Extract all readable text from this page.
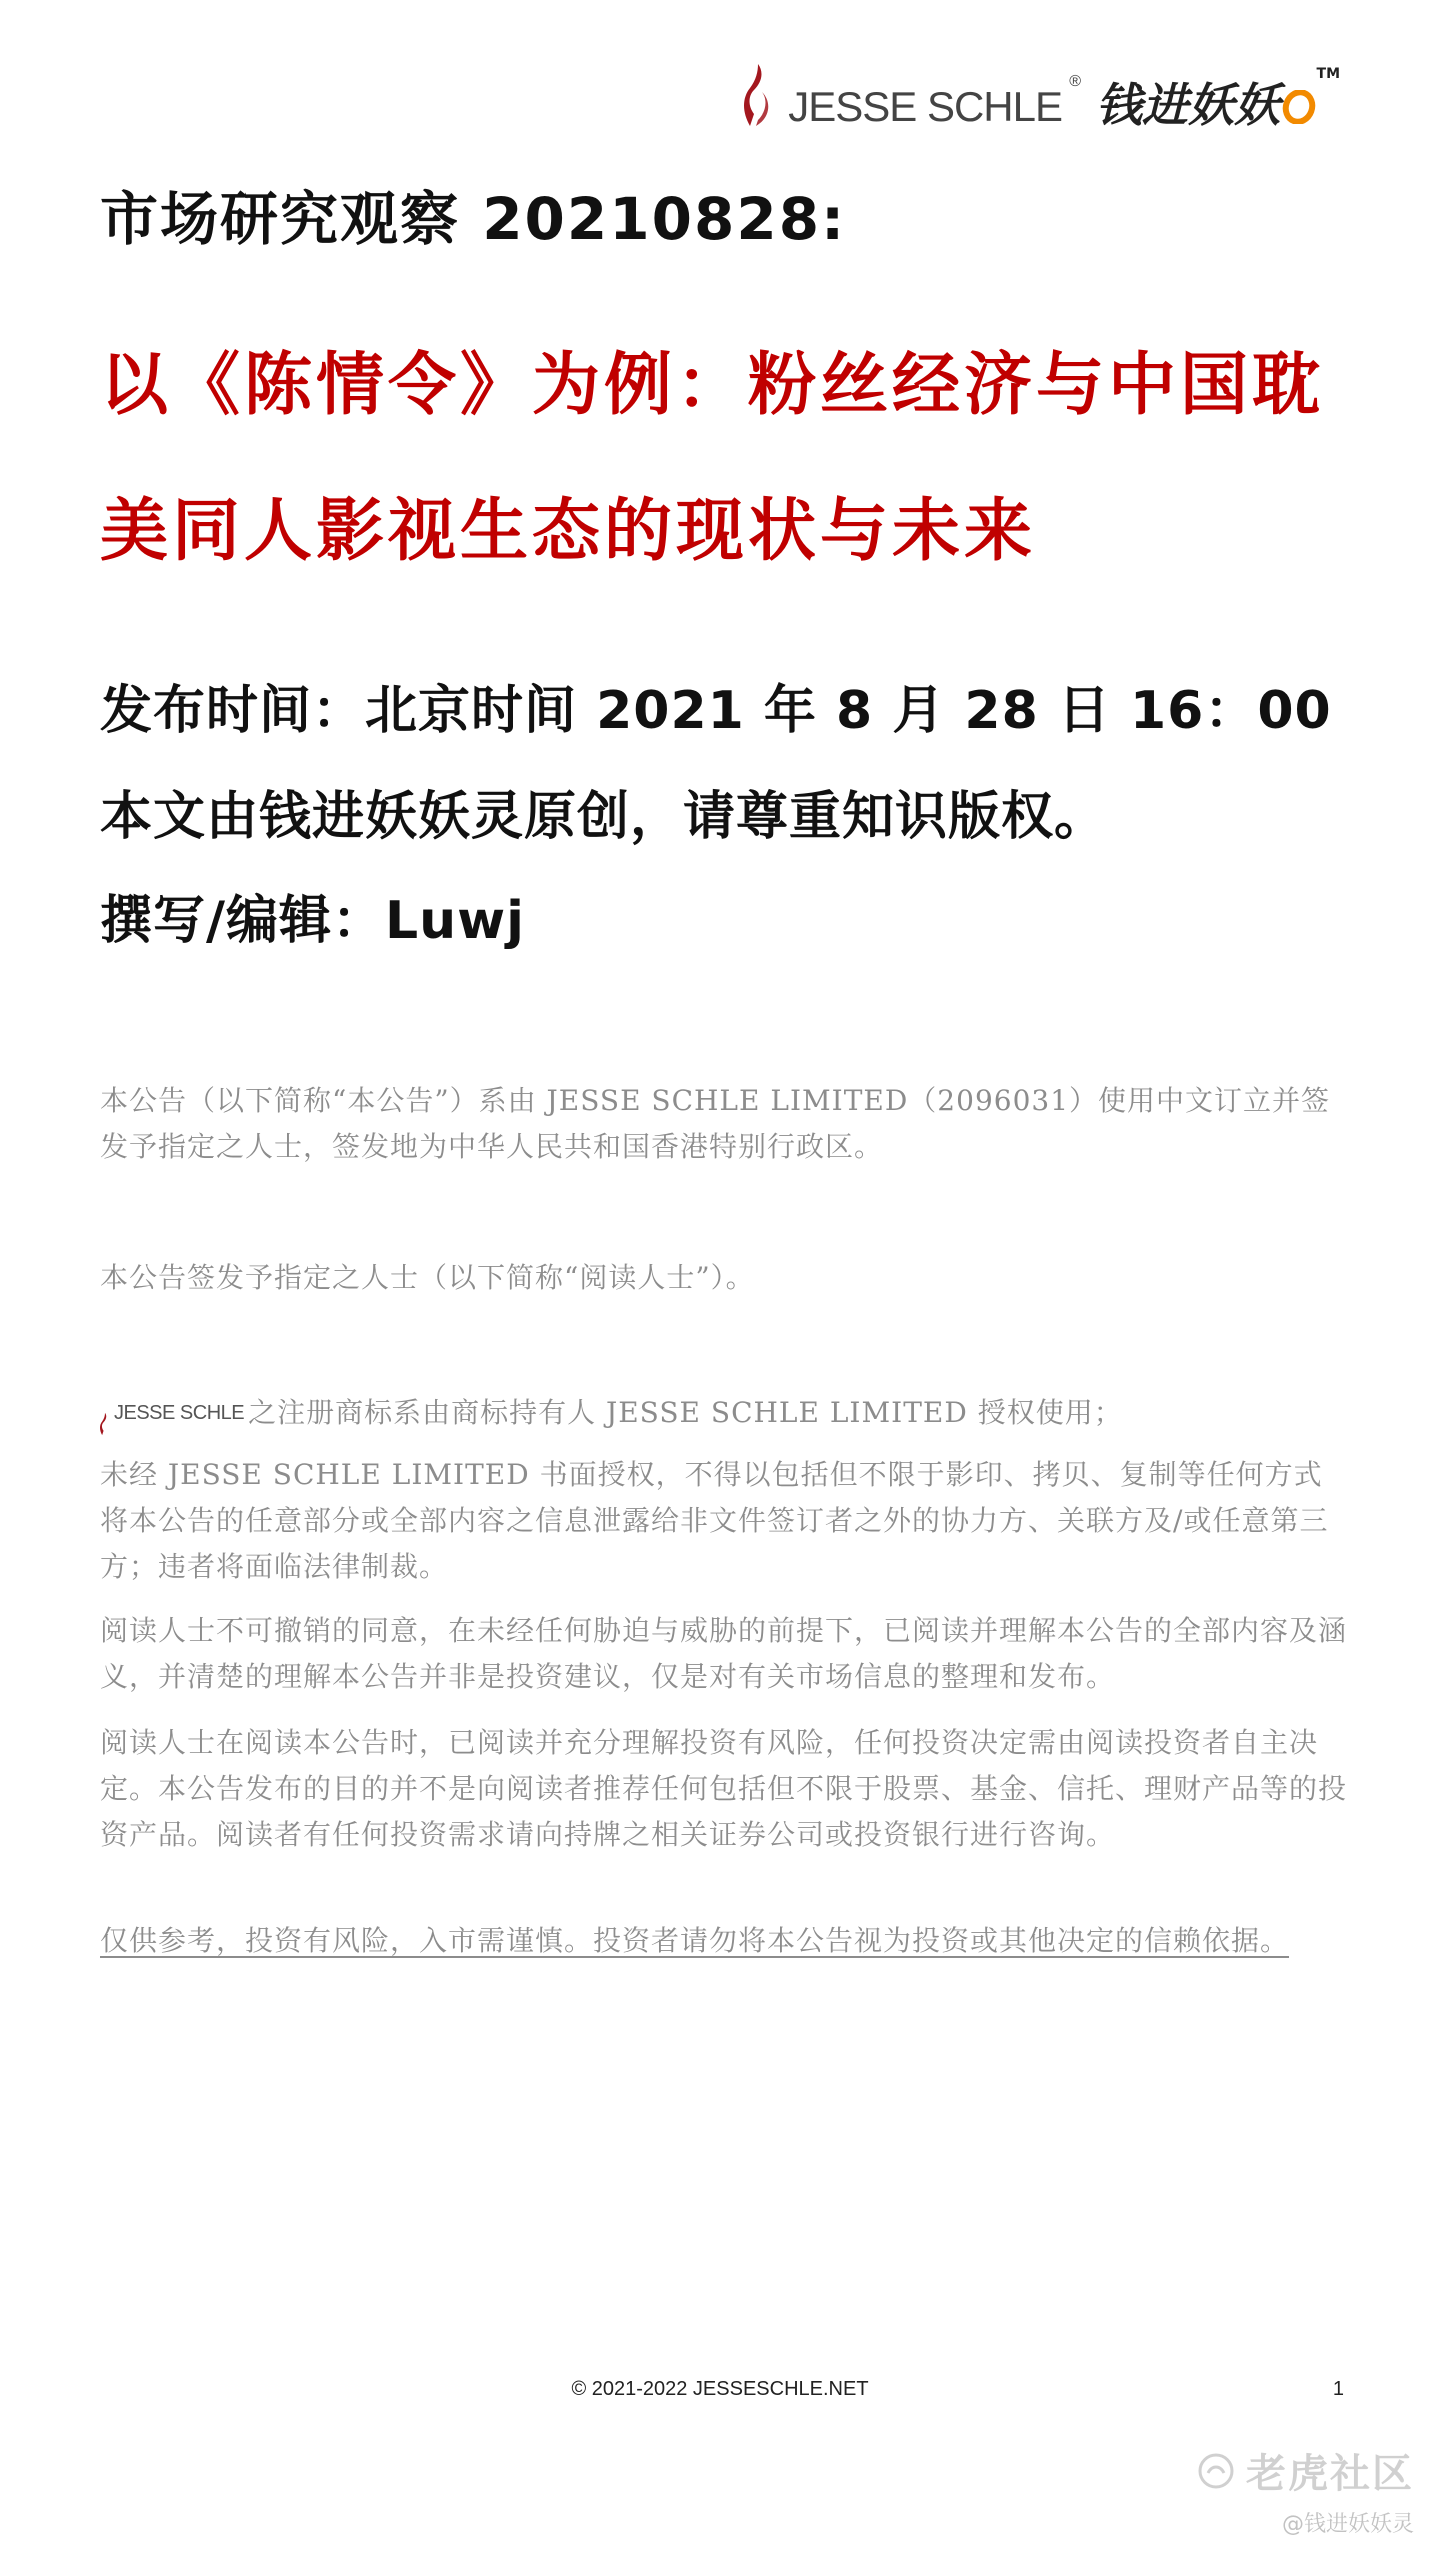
JESSE SCHLE
® 钱进妖妖
TM
市场研究观察 20210828:
以《陈情令》为例：粉丝经济与中国耽美同人影视生态的现状与未来

发布时间：北京时间 2021 年 8 月 28 日 16：00

本文由钱进妖妖灵原创，请尊重知识版权。

撰写/编辑：Luwj

本公告（以下简称“本公告”）系由 JESSE SCHLE LIMITED（2096031）使用中文订立并签发予指定之人士，签发地为中华人民共和国香港特别行政区。

本公告签发予指定之人士（以下简称“阅读人士”）。

JESSE SCHLE 之注册商标系由商标持有人 JESSE SCHLE LIMITED 授权使用；

未经 JESSE SCHLE LIMITED 书面授权，不得以包括但不限于影印、拷贝、复制等任何方式将本公告的任意部分或全部内容之信息泄露给非文件签订者之外的协力方、关联方及/或任意第三方；违者将面临法律制裁。

阅读人士不可撤销的同意，在未经任何胁迫与威胁的前提下，已阅读并理解本公告的全部内容及涵义，并清楚的理解本公告并非是投资建议，仅是对有关市场信息的整理和发布。

阅读人士在阅读本公告时，已阅读并充分理解投资有风险，任何投资决定需由阅读投资者自主决定。本公告发布的目的并不是向阅读者推荐任何包括但不限于股票、基金、信托、理财产品等的投资产品。阅读者有任何投资需求请向持牌之相关证券公司或投资银行进行咨询。

仅供参考，投资有风险，入市需谨慎。投资者请勿将本公告视为投资或其他决定的信赖依据。

© 2021-2022 JESSESCHLE.NET	1

老虎社区
@钱进妖妖灵
